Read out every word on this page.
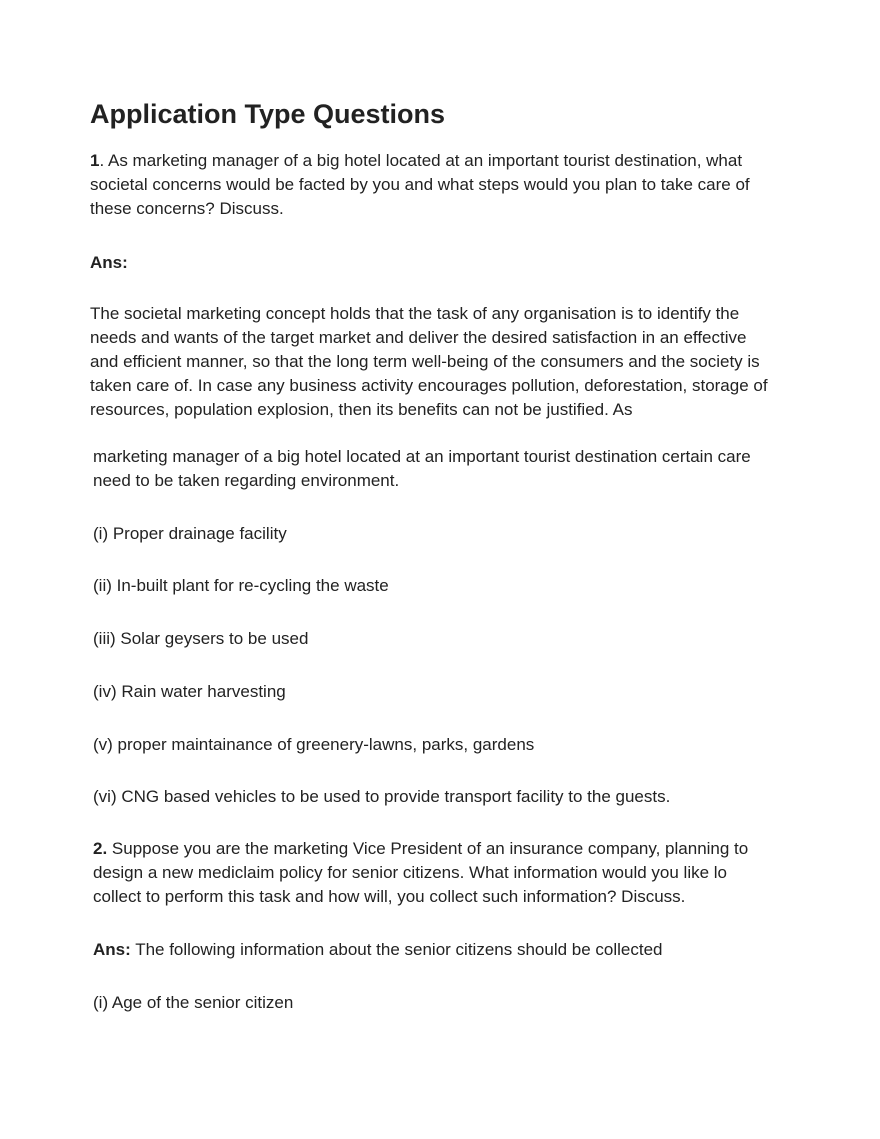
Application Type Questions

1. As marketing manager of a big hotel located at an important tourist destination, what societal concerns would be facted by you and what steps would you plan to take care of these concerns? Discuss.

Ans:

The societal marketing concept holds that the task of any organisation is to identify the needs and wants of the target market and deliver the desired satisfaction in an effective and efficient manner, so that the long term well-being of the consumers and the society is taken care of. In case any business activity encourages pollution, deforestation, storage of resources, population explosion, then its benefits can not be justified. As

marketing manager of a big hotel located at an important tourist destination certain care need to be taken regarding environment.

(i) Proper drainage facility

(ii) In-built plant for re-cycling the waste

(iii) Solar geysers to be used

(iv) Rain water harvesting

(v) proper maintainance of greenery-lawns, parks, gardens

(vi) CNG based vehicles to be used to provide transport facility to the guests.

2. Suppose you are the marketing Vice President of an insurance company, planning to design a new mediclaim policy for senior citizens. What information would you like lo collect to perform this task and how will, you collect such information? Discuss.

Ans: The following information about the senior citizens should be collected

(i) Age of the senior citizen
